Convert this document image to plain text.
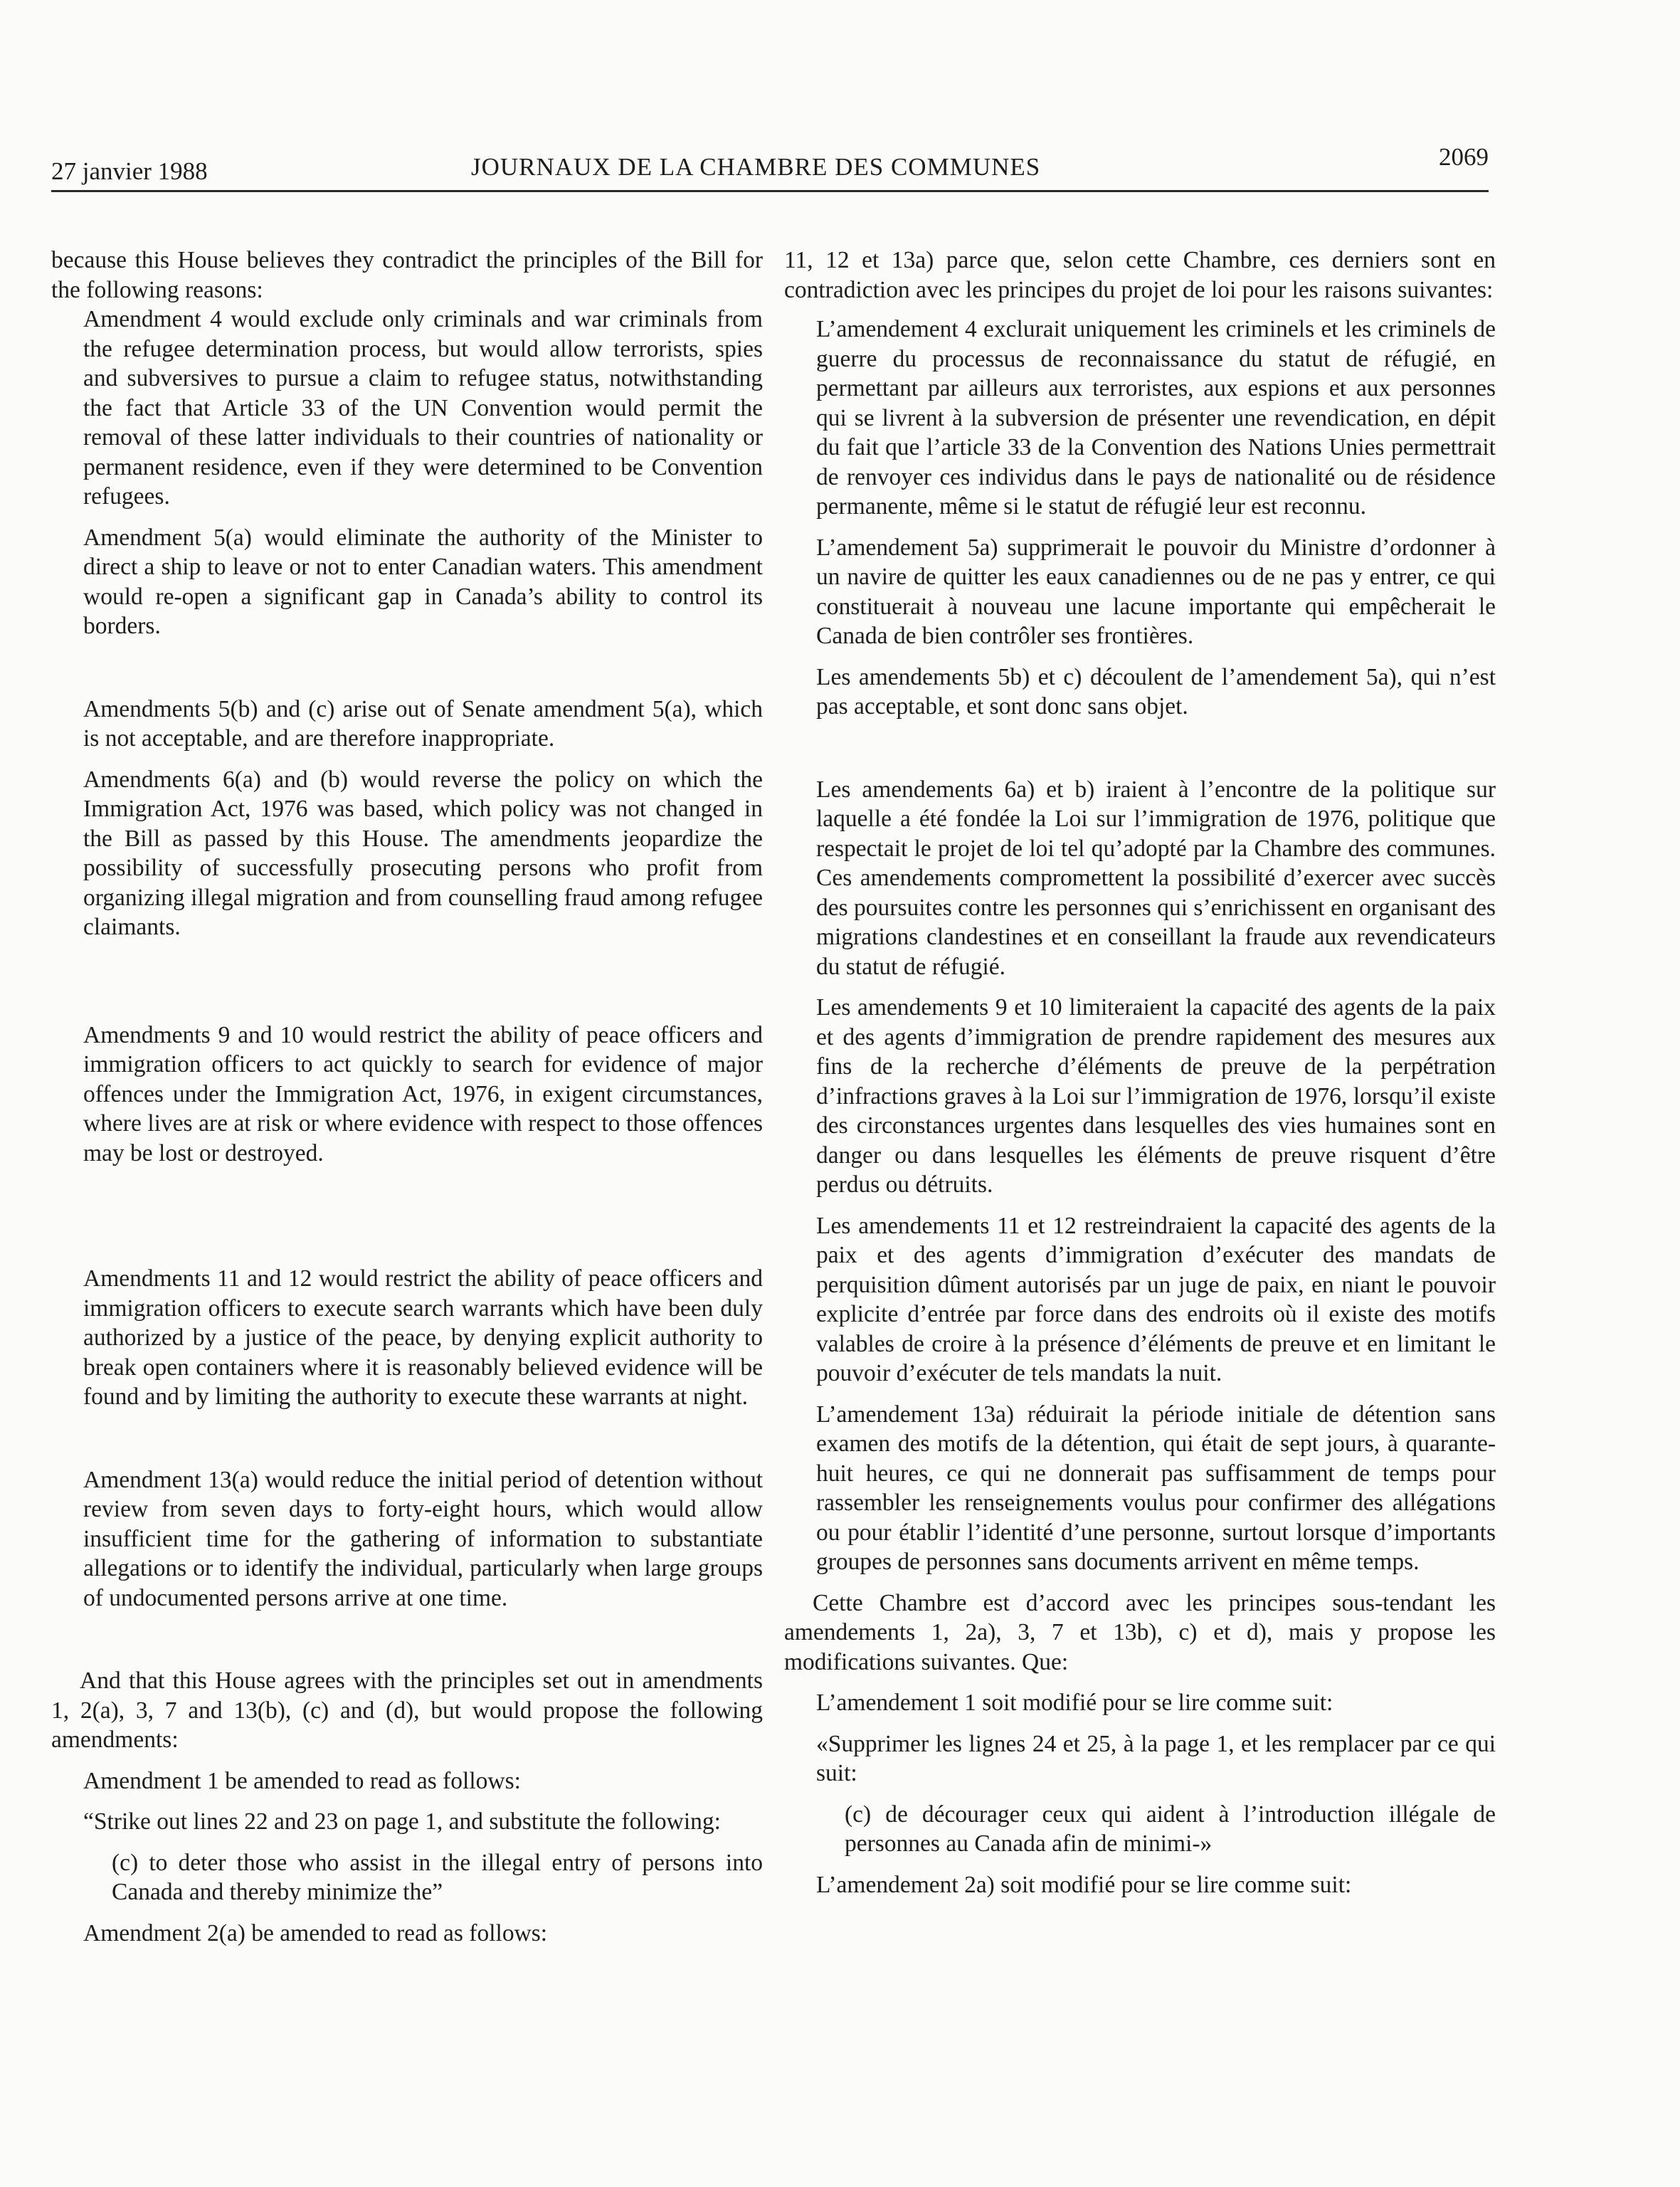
27 janvier 1988	JOURNAUX DE LA CHAMBRE DES COMMUNES	2069

because this House believes they contradict the principles of the Bill for the following reasons:

Amendment 4 would exclude only criminals and war criminals from the refugee determination process, but would allow terrorists, spies and subversives to pursue a claim to refugee status, notwithstanding the fact that Article 33 of the UN Convention would permit the removal of these latter individuals to their countries of nationality or permanent residence, even if they were determined to be Convention refugees.

Amendment 5(a) would eliminate the authority of the Minister to direct a ship to leave or not to enter Canadian waters. This amendment would re-open a significant gap in Canada’s ability to control its borders.

Amendments 5(b) and (c) arise out of Senate amendment 5(a), which is not acceptable, and are therefore inappropriate.

Amendments 6(a) and (b) would reverse the policy on which the Immigration Act, 1976 was based, which policy was not changed in the Bill as passed by this House. The amendments jeopardize the possibility of successfully prosecuting persons who profit from organizing illegal migration and from counselling fraud among refugee claimants.

Amendments 9 and 10 would restrict the ability of peace officers and immigration officers to act quickly to search for evidence of major offences under the Immigration Act, 1976, in exigent circumstances, where lives are at risk or where evidence with respect to those offences may be lost or destroyed.

Amendments 11 and 12 would restrict the ability of peace officers and immigration officers to execute search warrants which have been duly authorized by a justice of the peace, by denying explicit authority to break open containers where it is reasonably believed evidence will be found and by limiting the authority to execute these warrants at night.

Amendment 13(a) would reduce the initial period of detention without review from seven days to forty-eight hours, which would allow insufficient time for the gathering of information to substantiate allegations or to identify the individual, particularly when large groups of undocumented persons arrive at one time.

And that this House agrees with the principles set out in amendments 1, 2(a), 3, 7 and 13(b), (c) and (d), but would propose the following amendments:

Amendment 1 be amended to read as follows:

“Strike out lines 22 and 23 on page 1, and substitute the following:

(c) to deter those who assist in the illegal entry of persons into Canada and thereby minimize the”

Amendment 2(a) be amended to read as follows:

11, 12 et 13a) parce que, selon cette Chambre, ces derniers sont en contradiction avec les principes du projet de loi pour les raisons suivantes:

L’amendement 4 exclurait uniquement les criminels et les criminels de guerre du processus de reconnaissance du statut de réfugié, en permettant par ailleurs aux terroristes, aux espions et aux personnes qui se livrent à la subversion de présenter une revendication, en dépit du fait que l’article 33 de la Convention des Nations Unies permettrait de renvoyer ces individus dans le pays de nationalité ou de résidence permanente, même si le statut de réfugié leur est reconnu.

L’amendement 5a) supprimerait le pouvoir du Ministre d’ordonner à un navire de quitter les eaux canadiennes ou de ne pas y entrer, ce qui constituerait à nouveau une lacune importante qui empêcherait le Canada de bien contrôler ses frontières.

Les amendements 5b) et c) découlent de l’amendement 5a), qui n’est pas acceptable, et sont donc sans objet.

Les amendements 6a) et b) iraient à l’encontre de la politique sur laquelle a été fondée la Loi sur l’immigration de 1976, politique que respectait le projet de loi tel qu’adopté par la Chambre des communes. Ces amendements compromettent la possibilité d’exercer avec succès des poursuites contre les personnes qui s’enrichissent en organisant des migrations clandestines et en conseillant la fraude aux revendicateurs du statut de réfugié.

Les amendements 9 et 10 limiteraient la capacité des agents de la paix et des agents d’immigration de prendre rapidement des mesures aux fins de la recherche d’éléments de preuve de la perpétration d’infractions graves à la Loi sur l’immigration de 1976, lorsqu’il existe des circonstances urgentes dans lesquelles des vies humaines sont en danger ou dans lesquelles les éléments de preuve risquent d’être perdus ou détruits.

Les amendements 11 et 12 restreindraient la capacité des agents de la paix et des agents d’immigration d’exécuter des mandats de perquisition dûment autorisés par un juge de paix, en niant le pouvoir explicite d’entrée par force dans des endroits où il existe des motifs valables de croire à la présence d’éléments de preuve et en limitant le pouvoir d’exécuter de tels mandats la nuit.

L’amendement 13a) réduirait la période initiale de détention sans examen des motifs de la détention, qui était de sept jours, à quarante-huit heures, ce qui ne donnerait pas suffisamment de temps pour rassembler les renseignements voulus pour confirmer des allégations ou pour établir l’identité d’une personne, surtout lorsque d’importants groupes de personnes sans documents arrivent en même temps.

Cette Chambre est d’accord avec les principes sous-tendant les amendements 1, 2a), 3, 7 et 13b), c) et d), mais y propose les modifications suivantes. Que:

L’amendement 1 soit modifié pour se lire comme suit:

«Supprimer les lignes 24 et 25, à la page 1, et les remplacer par ce qui suit:

(c) de décourager ceux qui aident à l’introduction illégale de personnes au Canada afin de minimi-»

L’amendement 2a) soit modifié pour se lire comme suit:
